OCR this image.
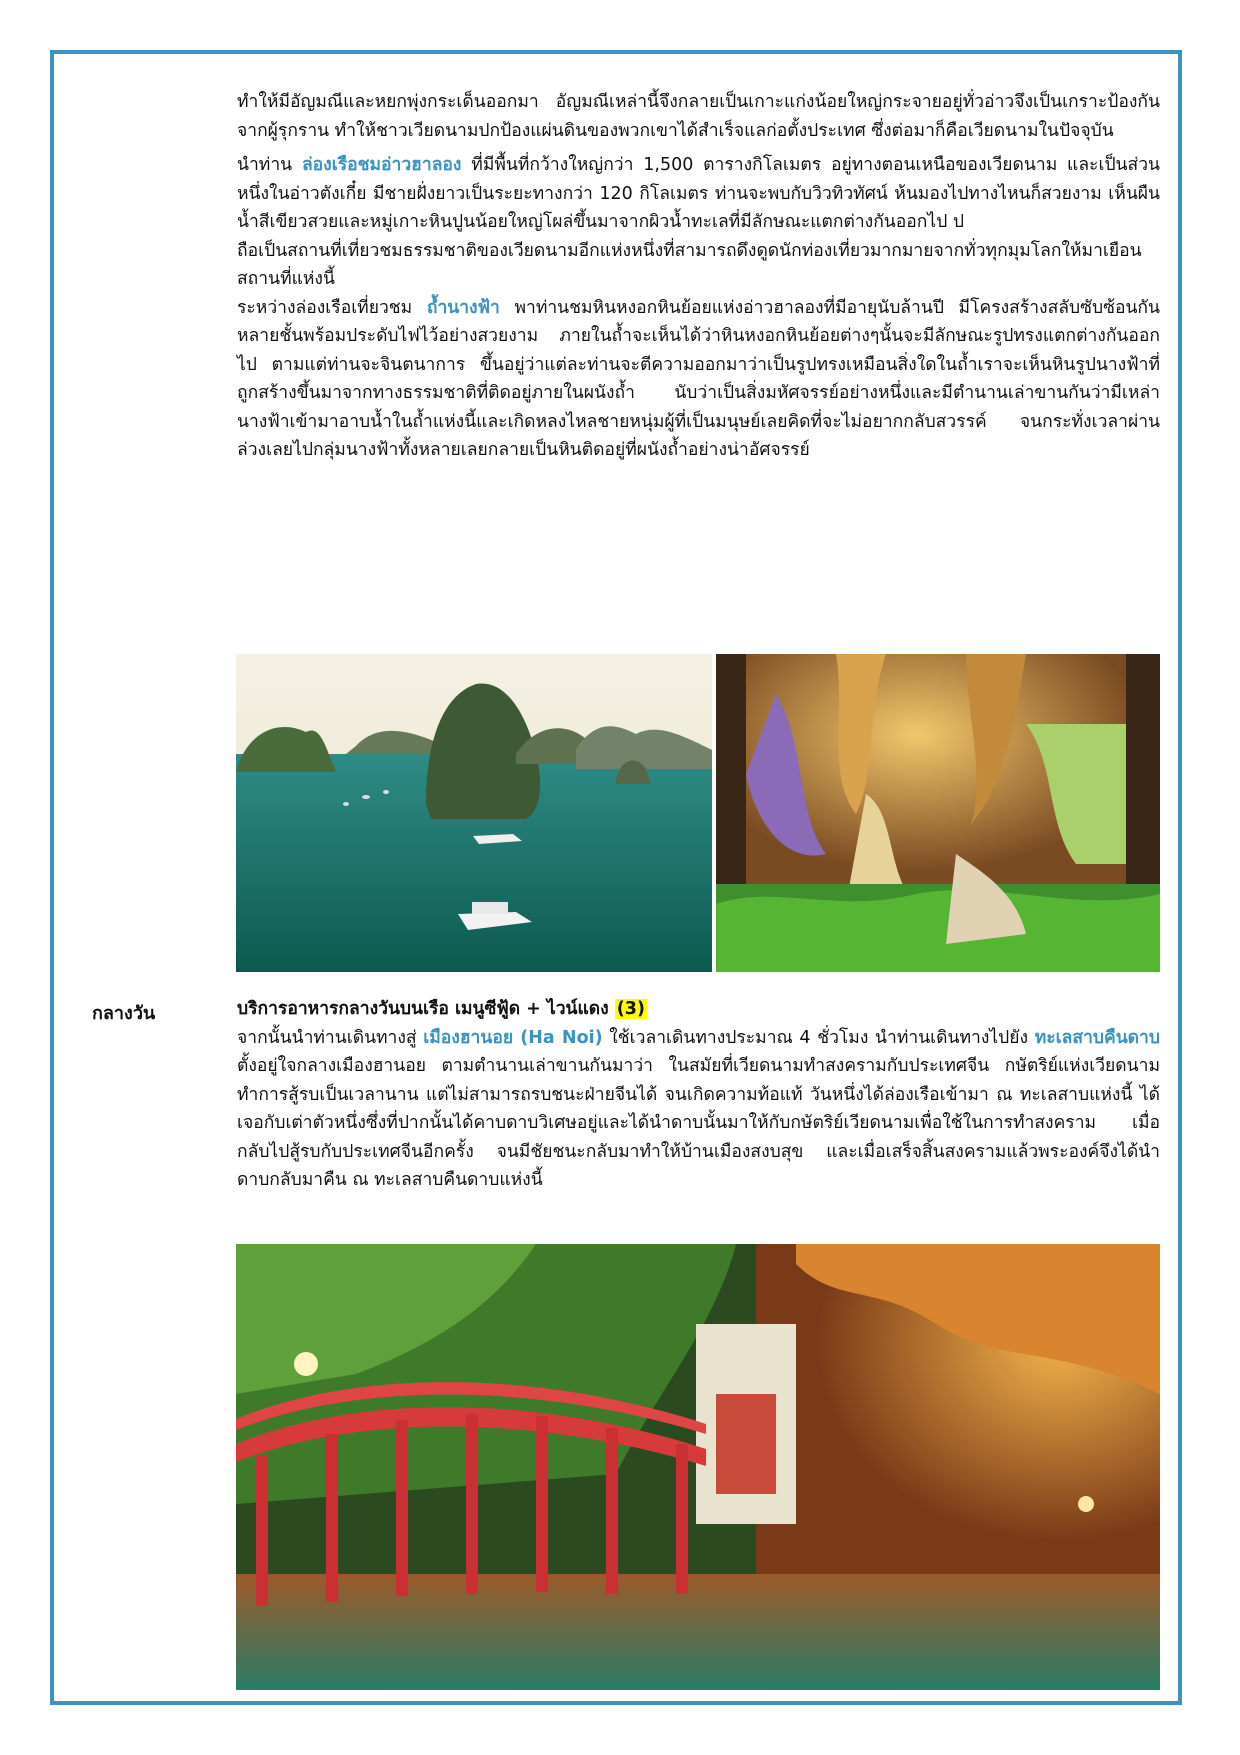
ทำให้มีอัญมณีและหยกพุ่งกระเด็นออกมา อัญมณีเหล่านี้จึงกลายเป็นเกาะแก่งน้อยใหญ่กระจายอยู่ทั่วอ่าวจึงเป็นเกราะป้องกันจากผู้รุกราน ทำให้ชาวเวียดนามปกป้องแผ่นดินของพวกเขาได้สำเร็จแลก่อตั้งประเทศ ซึ่งต่อมาก็คือเวียดนามในปัจจุบัน

นำท่าน ล่องเรือชมอ่าวฮาลอง ที่มีพื้นที่กว้างใหญ่กว่า 1,500 ตารางกิโลเมตร อยู่ทางตอนเหนือของเวียดนาม และเป็นส่วนหนึ่งในอ่าวตังเกี๋ย มีชายฝั่งยาวเป็นระยะทางกว่า 120 กิโลเมตร ท่านจะพบกับวิวทิวทัศน์ ห้นมองไปทางไหนก็สวยงาม เห็นผืนน้ำสีเขียวสวยและหมู่เกาะหินปูนน้อยใหญ่โผล่ขึ้นมาจากผิวน้ำทะเลที่มีลักษณะแตกต่างกันออกไป ป

ถือเป็นสถานที่เที่ยวชมธรรมชาติของเวียดนามอีกแห่งหนึ่งที่สามารถดึงดูดนักท่องเที่ยวมากมายจากทั่วทุกมุมโลกให้มาเยือนสถานที่แห่งนี้

ระหว่างล่องเรือเที่ยวชม ถ้ำนางฟ้า พาท่านชมหินหงอกหินย้อยแห่งอ่าวฮาลองที่มีอายุนับล้านปี มีโครงสร้างสลับซับซ้อนกันหลายชั้นพร้อมประดับไฟไว้อย่างสวยงาม ภายในถ้ำจะเห็นได้ว่าหินหงอกหินย้อยต่างๆนั้นจะมีลักษณะรูปทรงแตกต่างกันออกไป ตามแต่ท่านจะจินตนาการ ขึ้นอยู่ว่าแต่ละท่านจะตีความออกมาว่าเป็นรูปทรงเหมือนสิ่งใดในถ้ำเราจะเห็นหินรูปนางฟ้าที่ถูกสร้างขึ้นมาจากทางธรรมชาติที่ติดอยู่ภายในผนังถ้ำ นับว่าเป็นสิ่งมหัศจรรย์อย่างหนึ่งและมีตำนานเล่าขานกันว่ามีเหล่านางฟ้าเข้ามาอาบน้ำในถ้ำแห่งนี้และเกิดหลงไหลชายหนุ่มผู้ที่เป็นมนุษย์เลยคิดที่จะไม่อยากกลับสวรรค์ จนกระทั่งเวลาผ่านล่วงเลยไปกลุ่มนางฟ้าทั้งหลายเลยกลายเป็นหินติดอยู่ที่ผนังถ้ำอย่างน่าอัศจรรย์

กลางวัน	บริการอาหารกลางวันบนเรือ เมนูซีฟู้ด + ไวน์แดง (3)

จากนั้นนำท่านเดินทางสู่ เมืองฮานอย (Ha Noi) ใช้เวลาเดินทางประมาณ 4 ชั่วโมง นำท่านเดินทางไปยัง ทะเลสาบคืนดาบ ตั้งอยู่ใจกลางเมืองฮานอย ตามตำนานเล่าขานกันมาว่า ในสมัยที่เวียดนามทำสงครามกับประเทศจีน กษัตริย์แห่งเวียดนามทำการสู้รบเป็นเวลานาน แต่ไม่สามารถรบชนะฝ่ายจีนได้ จนเกิดความท้อแท้ วันหนึ่งได้ล่องเรือเข้ามา ณ ทะเลสาบแห่งนี้ ได้เจอกับเต่าตัวหนึ่งซึ่งที่ปากนั้นได้คาบดาบวิเศษอยู่และได้นำดาบนั้นมาให้กับกษัตริย์เวียดนามเพื่อใช้ในการทำสงคราม เมื่อกลับไปสู้รบกับประเทศจีนอีกครั้ง จนมีชัยชนะกลับมาทำให้บ้านเมืองสงบสุข และเมื่อเสร็จสิ้นสงครามแล้วพระองค์จึงได้นำ ดาบกลับมาคืน ณ ทะเลสาบคืนดาบแห่งนี้
